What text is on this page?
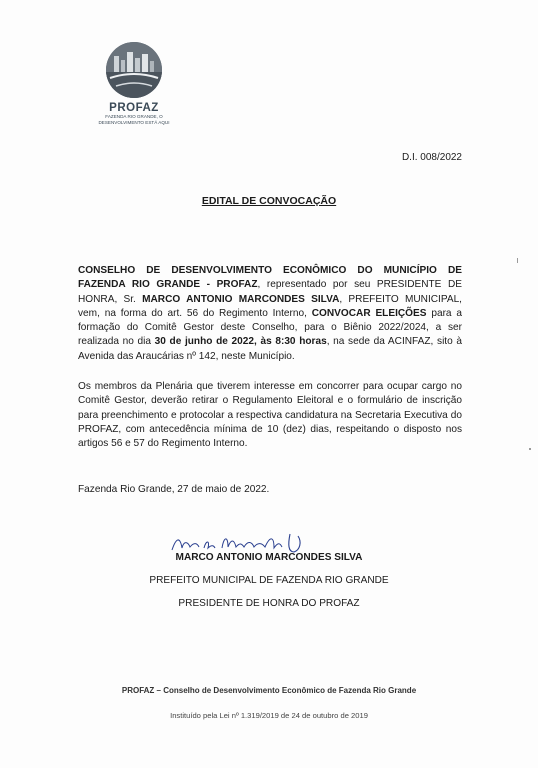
PROFAZ
FAZENDA RIO GRANDE, O DESENVOLVIMENTO ESTÁ AQUI
D.I. 008/2022
EDITAL DE CONVOCAÇÃO
CONSELHO DE DESENVOLVIMENTO ECONÔMICO DO MUNICÍPIO DE FAZENDA RIO GRANDE - PROFAZ, representado por seu PRESIDENTE DE HONRA, Sr. MARCO ANTONIO MARCONDES SILVA, PREFEITO MUNICIPAL, vem, na forma do art. 56 do Regimento Interno, CONVOCAR ELEIÇÕES para a formação do Comitê Gestor deste Conselho, para o Biênio 2022/2024, a ser realizada no dia 30 de junho de 2022, às 8:30 horas, na sede da ACINFAZ, sito à Avenida das Araucárias nº 142, neste Município.
Os membros da Plenária que tiverem interesse em concorrer para ocupar cargo no Comitê Gestor, deverão retirar o Regulamento Eleitoral e o formulário de inscrição para preenchimento e protocolar a respectiva candidatura na Secretaria Executiva do PROFAZ, com antecedência mínima de 10 (dez) dias, respeitando o disposto nos artigos 56 e 57 do Regimento Interno.
Fazenda Rio Grande, 27 de maio de 2022.
MARCO ANTONIO MARCONDES SILVA
PREFEITO MUNICIPAL DE FAZENDA RIO GRANDE
PRESIDENTE DE HONRA DO PROFAZ
PROFAZ – Conselho de Desenvolvimento Econômico de Fazenda Rio Grande
Instituído pela Lei nº 1.319/2019 de 24 de outubro de 2019
